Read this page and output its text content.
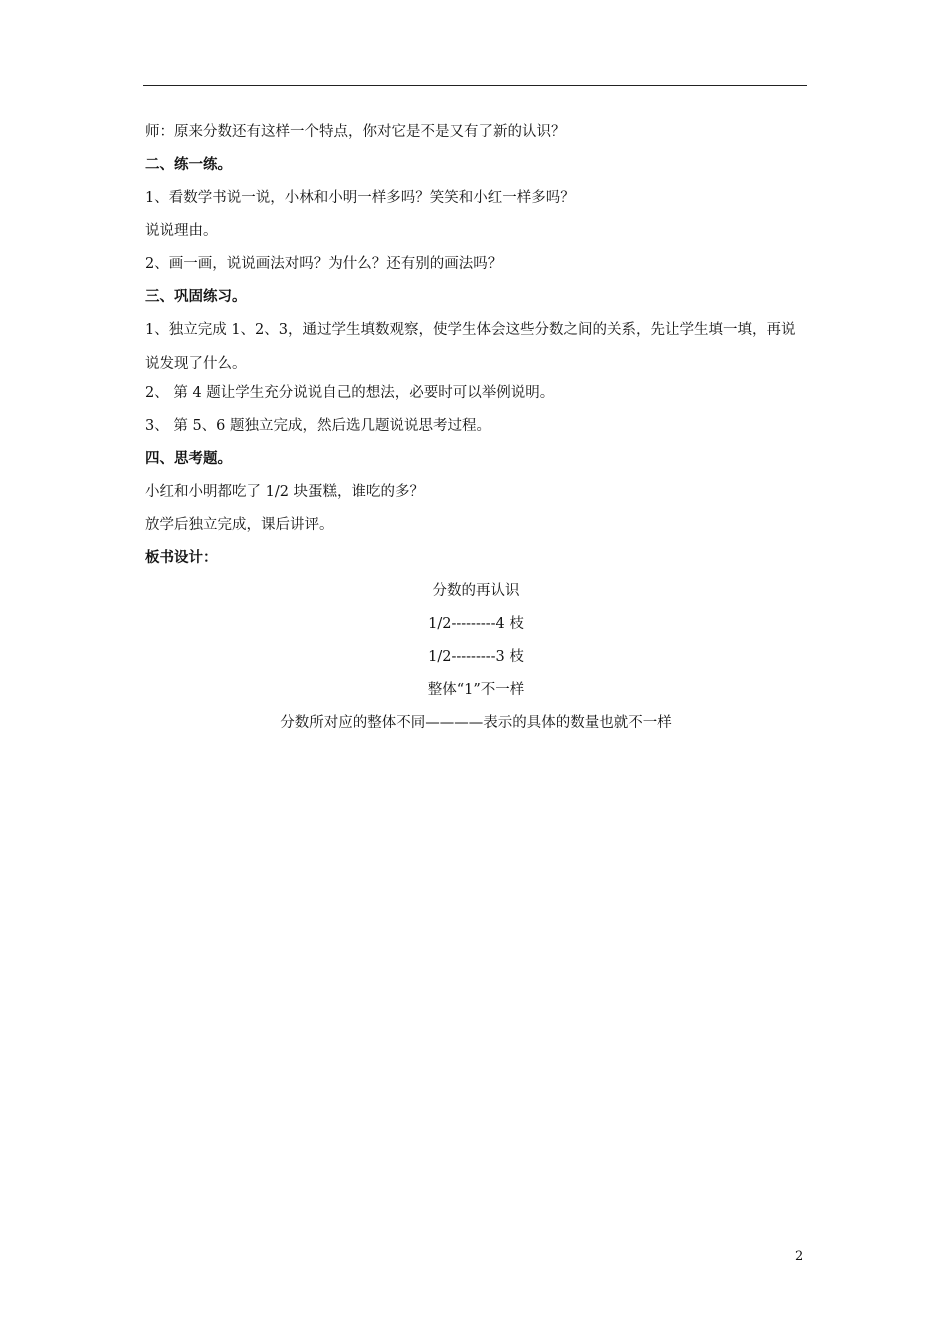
师：原来分数还有这样一个特点，你对它是不是又有了新的认识？

二、练一练。

1、看数学书说一说，小林和小明一样多吗？笑笑和小红一样多吗？

说说理由。

2、画一画，说说画法对吗？为什么？还有别的画法吗？

三、巩固练习。

1、独立完成 1、2、3，通过学生填数观察，使学生体会这些分数之间的关系，先让学生填一填，再说说发现了什么。

2、 第 4 题让学生充分说说自己的想法，必要时可以举例说明。

3、 第 5、6 题独立完成，然后选几题说说思考过程。

四、思考题。

小红和小明都吃了 1/2 块蛋糕，谁吃的多？

放学后独立完成，课后讲评。

板书设计：

分数的再认识

1/2---------4 枝

1/2---------3 枝

整体“1”不一样

分数所对应的整体不同————表示的具体的数量也就不一样

2
